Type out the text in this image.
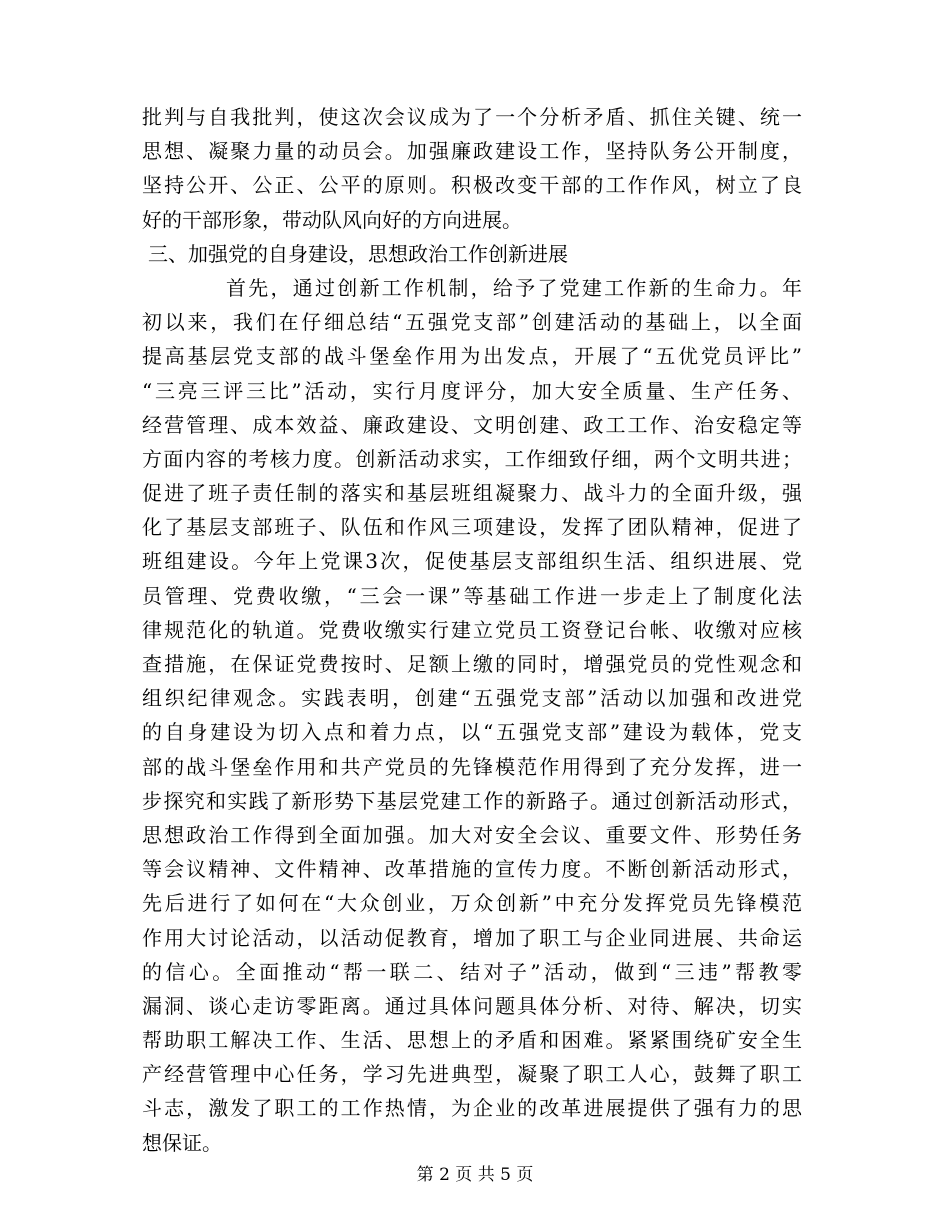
批判与自我批判，使这次会议成为了一个分析矛盾、抓住关键、统一
思想、凝聚力量的动员会。加强廉政建设工作，坚持队务公开制度，
坚持公开、公正、公平的原则。积极改变干部的工作作风，树立了良
好的干部形象，带动队风向好的方向进展。
三、加强党的自身建设，思想政治工作创新进展
首先，通过创新工作机制，给予了党建工作新的生命力。年
初以来，我们在仔细总结“五强党支部”创建活动的基础上，以全面
提高基层党支部的战斗堡垒作用为出发点，开展了“五优党员评比”
“三亮三评三比”活动，实行月度评分，加大安全质量、生产任务、
经营管理、成本效益、廉政建设、文明创建、政工工作、治安稳定等
方面内容的考核力度。创新活动求实，工作细致仔细，两个文明共进；
促进了班子责任制的落实和基层班组凝聚力、战斗力的全面升级，强
化了基层支部班子、队伍和作风三项建设，发挥了团队精神，促进了
班组建设。今年上党课3次，促使基层支部组织生活、组织进展、党
员管理、党费收缴，“三会一课”等基础工作进一步走上了制度化法
律规范化的轨道。党费收缴实行建立党员工资登记台帐、收缴对应核
查措施，在保证党费按时、足额上缴的同时，增强党员的党性观念和
组织纪律观念。实践表明，创建“五强党支部”活动以加强和改进党
的自身建设为切入点和着力点，以“五强党支部”建设为载体，党支
部的战斗堡垒作用和共产党员的先锋模范作用得到了充分发挥，进一
步探究和实践了新形势下基层党建工作的新路子。通过创新活动形式，
思想政治工作得到全面加强。加大对安全会议、重要文件、形势任务
等会议精神、文件精神、改革措施的宣传力度。不断创新活动形式，
先后进行了如何在“大众创业，万众创新”中充分发挥党员先锋模范
作用大讨论活动，以活动促教育，增加了职工与企业同进展、共命运
的信心。全面推动“帮一联二、结对子”活动，做到“三违”帮教零
漏洞、谈心走访零距离。通过具体问题具体分析、对待、解决，切实
帮助职工解决工作、生活、思想上的矛盾和困难。紧紧围绕矿安全生
产经营管理中心任务，学习先进典型，凝聚了职工人心，鼓舞了职工
斗志，激发了职工的工作热情，为企业的改革进展提供了强有力的思
想保证。
第 2 页 共 5 页
